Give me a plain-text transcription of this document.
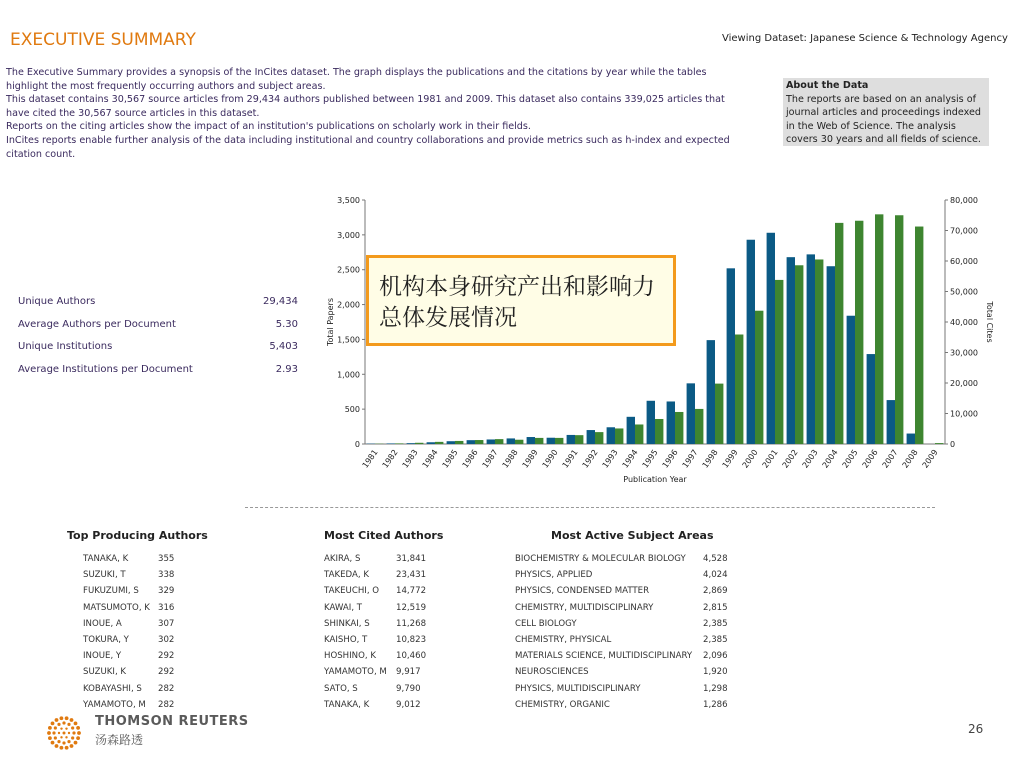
EXECUTIVE SUMMARY	Viewing Dataset: Japanese Science & Technology Agency
The Executive Summary provides a synopsis of the InCites dataset. The graph displays the publications and the citations by year while the tables highlight the most frequently occurring authors and subject areas.
This dataset contains 30,567 source articles from 29,434 authors published between 1981 and 2009. This dataset also contains 339,025 articles that have cited the 30,567 source articles in this dataset.
Reports on the citing articles show the impact of an institution's publications on scholarly work in their fields.
InCites reports enable further analysis of the data including institutional and country collaborations and provide metrics such as h-index and expected citation count.
About the Data
The reports are based on an analysis of journal articles and proceedings indexed in the Web of Science. The analysis covers 30 years and all fields of science.
Unique Authors	29,434
Average Authors per Document	5.30
Unique Institutions	5,403
Average Institutions per Document	2.93
0
500
1,000
1,500
2,000
2,500
3,000
3,500
0
10,000
20,000
30,000
40,000
50,000
60,000
70,000
80,000
1981 1982 1983 1984 1985 1986 1987 1988 1989 1990 1991 1992 1993 1994 1995 1996 1997 1998 1999 2000 2001 2002 2003 2004 2005 2006 2007 2008 2009
Publication Year
Total Papers	Total Cites
机构本身研究产出和影响力总体发展情况
Top Producing Authors
TANAKA, K	355
SUZUKI, T	338
FUKUZUMI, S 329
MATSUMOTO, K 316
INOUE, A	307
TOKURA, Y	302
INOUE, Y	292
SUZUKI, K	292
KOBAYASHI, S 282
YAMAMOTO, M 282
Most Cited Authors
AKIRA, S	31,841
TAKEDA, K	23,431
TAKEUCHI, O 14,772
KAWAI, T	12,519
SHINKAI, S	11,268
KAISHO, T	10,823
HOSHINO, K 10,460
YAMAMOTO, M 9,917
SATO, S	9,790
TANAKA, K	9,012
Most Active Subject Areas
BIOCHEMISTRY & MOLECULAR BIOLOGY 4,528
PHYSICS, APPLIED	4,024
PHYSICS, CONDENSED MATTER	2,869
CHEMISTRY, MULTIDISCIPLINARY	2,815
CELL BIOLOGY	2,385
CHEMISTRY, PHYSICAL	2,385
MATERIALS SCIENCE, MULTIDISCIPLINARY 2,096
NEUROSCIENCES	1,920
PHYSICS, MULTIDISCIPLINARY	1,298
CHEMISTRY, ORGANIC	1,286
THOMSON REUTERS
汤森路透
26
